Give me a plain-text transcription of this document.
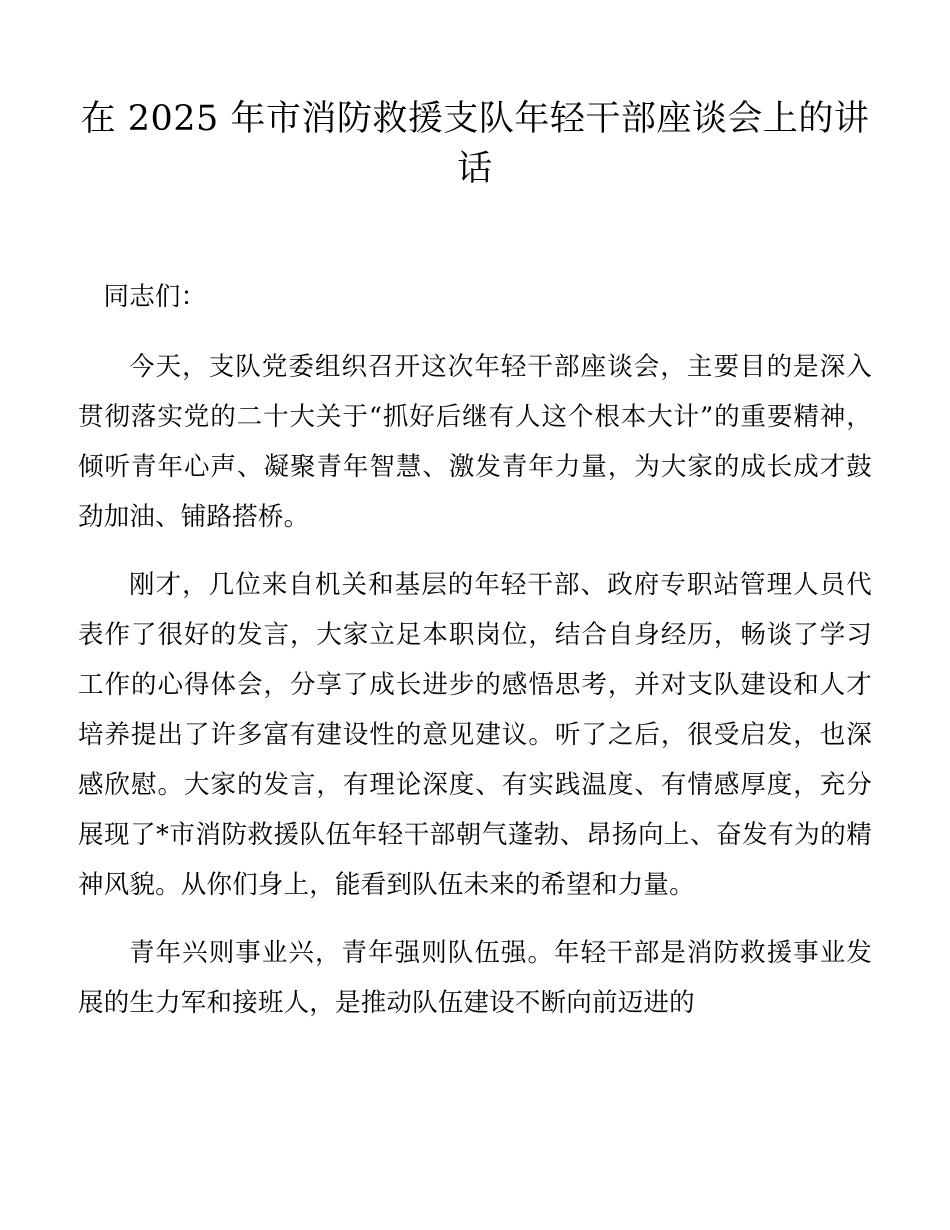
在 2025 年市消防救援支队年轻干部座谈会上的讲话

同志们：

今天，支队党委组织召开这次年轻干部座谈会，主要目的是深入贯彻落实党的二十大关于“抓好后继有人这个根本大计”的重要精神，倾听青年心声、凝聚青年智慧、激发青年力量，为大家的成长成才鼓劲加油、铺路搭桥。

刚才，几位来自机关和基层的年轻干部、政府专职站管理人员代表作了很好的发言，大家立足本职岗位，结合自身经历，畅谈了学习工作的心得体会，分享了成长进步的感悟思考，并对支队建设和人才培养提出了许多富有建设性的意见建议。听了之后，很受启发，也深感欣慰。大家的发言，有理论深度、有实践温度、有情感厚度，充分展现了*市消防救援队伍年轻干部朝气蓬勃、昂扬向上、奋发有为的精神风貌。从你们身上，能看到队伍未来的希望和力量。

青年兴则事业兴，青年强则队伍强。年轻干部是消防救援事业发展的生力军和接班人，是推动队伍建设不断向前迈进的
